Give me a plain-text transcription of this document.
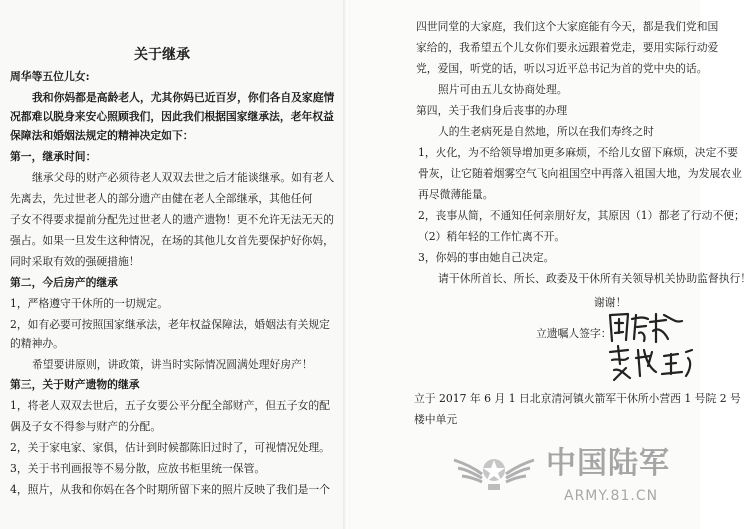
关于继承
周华等五位儿女:
我和你妈都是高龄老人，尤其你妈已近百岁，你们各自及家庭情
况都难以脱身来安心照顾我们，因此我们根据国家继承法，老年权益
保障法和婚姻法规定的精神决定如下：
第一，继承时间：
继承父母的财产必须待老人双双去世之后才能谈继承。如有老人
先离去，先过世老人的部分遗产由健在老人全部继承，其他任何
子女不得要求提前分配先过世老人的遗产遗物！更不允许无法无天的
强占。如果一旦发生这种情况，在场的其他儿女首先要保护好你妈，
同时采取有效的强硬措施！
第二，今后房产的继承
1，严格遵守干休所的一切规定。
2，如有必要可按照国家继承法，老年权益保障法，婚姻法有关规定
的精神办。
希望要讲原则，讲政策，讲当时实际情况圆满处理好房产！
第三，关于财产遗物的继承
1，将老人双双去世后，五子女要公平分配全部财产，但五子女的配
偶及子女不得参与财产的分配。
2，关于家电家、家俱，估计到时候都陈旧过时了，可视情况处理。
3，关于书刊画报等不易分散，应放书柜里统一保管。
4，照片，从我和你妈在各个时期所留下来的照片反映了我们是一个
四世同堂的大家庭，我们这个大家庭能有今天，都是我们党和国
家给的，我希望五个儿女你们要永远跟着党走，要用实际行动爱
党，爱国，听党的话，听以习近平总书记为首的党中央的话。
照片可由五儿女协商处理。
第四，关于我们身后丧事的办理
人的生老病死是自然地，所以在我们寿终之时
1，火化，为不给领导增加更多麻烦，不给儿女留下麻烦，决定不要
骨灰，让它随着烟雾空气飞向祖国空中再落入祖国大地，为发展农业
再尽微薄能量。
2，丧事从简，不通知任何亲朋好友，其原因（1）都老了行动不便；
（2）稍年轻的工作忙离不开。
3，你妈的事由她自己决定。
请干休所首长、所长、政委及干休所有关领导机关协助监督执行！
谢谢！
立遗嘱人签字：
立于 2017 年 6 月 1 日北京清河镇火箭军干休所小营西 1 号院 2 号
楼中单元
中国陆军
ARMY.81.CN
